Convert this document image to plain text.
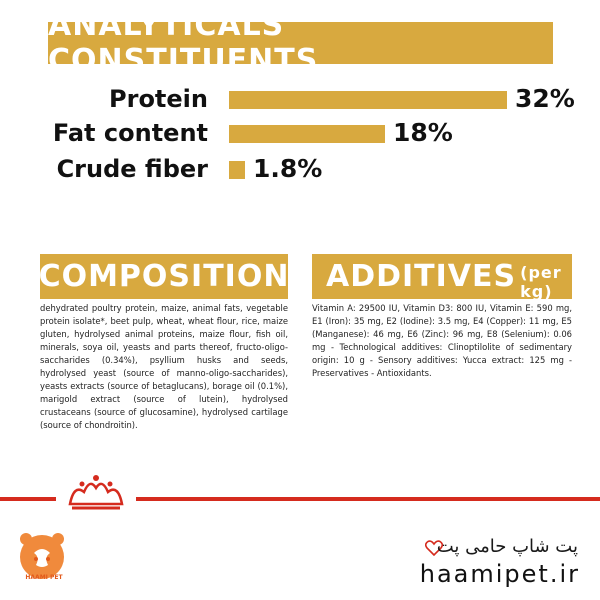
ANALYTICALS CONSTITUENTS
Protein	32%
Fat content	18%
Crude fiber 1.8%
COMPOSITION
dehydrated poultry protein, maize, animal fats, vegetable protein isolate*, beet pulp, wheat, wheat flour, rice, maize gluten, hydrolysed animal proteins, maize flour, fish oil, minerals, soya oil, yeasts and parts thereof, fructo-oligo-saccharides (0.34%), psyllium husks and seeds, hydrolysed yeast (source of manno-oligo-saccharides), yeasts extracts (source of betaglucans), borage oil (0.1%), marigold extract (source of lutein), hydrolysed crustaceans (source of glucosamine), hydrolysed cartilage (source of chondroitin).
ADDITIVES (per kg)
Vitamin A: 29500 IU, Vitamin D3: 800 IU, Vitamin E: 590 mg, E1 (Iron): 35 mg, E2 (Iodine): 3.5 mg, E4 (Copper): 11 mg, E5 (Manganese): 46 mg, E6 (Zinc): 96 mg, E8 (Selenium): 0.06 mg - Technological additives: Clinoptilolite of sedimentary origin: 10 g - Sensory additives: Yucca extract: 125 mg - Preservatives - Antioxidants.
HAAMI PET
پت شاپ حامی پت
haamipet.ir
